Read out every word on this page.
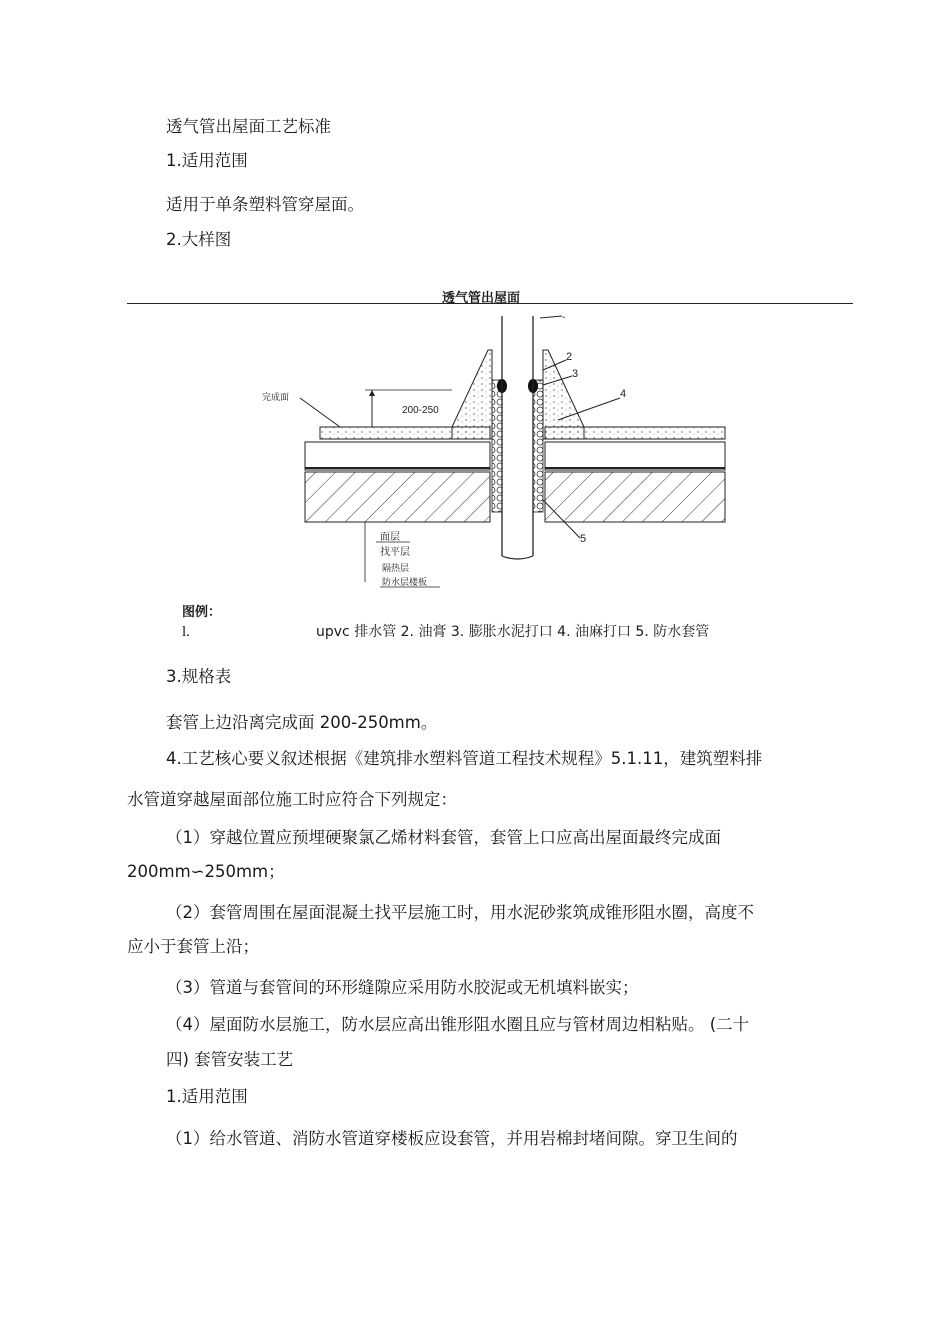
透气管出屋面工艺标准
1.适用范围
适用于单条塑料管穿屋面。
2.大样图
透气管出屋面
200-250
-
2
3
4
5
完成面
面层
找平层
隔热层
防水层楼板
图例：
l.	upvc 排水管 2. 油膏 3. 膨胀水泥打口 4. 油麻打口 5. 防水套管
3.规格表
套管上边沿离完成面 200-250mm。
4.工艺核心要义叙述根据《建筑排水塑料管道工程技术规程》5.1.11，建筑塑料排
水管道穿越屋面部位施工时应符合下列规定：
（1）穿越位置应预埋硬聚氯乙烯材料套管，套管上口应高出屋面最终完成面
200mm∽250mm；
（2）套管周围在屋面混凝土找平层施工时，用水泥砂浆筑成锥形阻水圈，高度不
应小于套管上沿；
（3）管道与套管间的环形缝隙应采用防水胶泥或无机填料嵌实；
（4）屋面防水层施工，防水层应高出锥形阻水圈且应与管材周边相粘贴。 (二十
四) 套管安装工艺
1.适用范围
（1）给水管道、消防水管道穿楼板应设套管，并用岩棉封堵间隙。穿卫生间的
